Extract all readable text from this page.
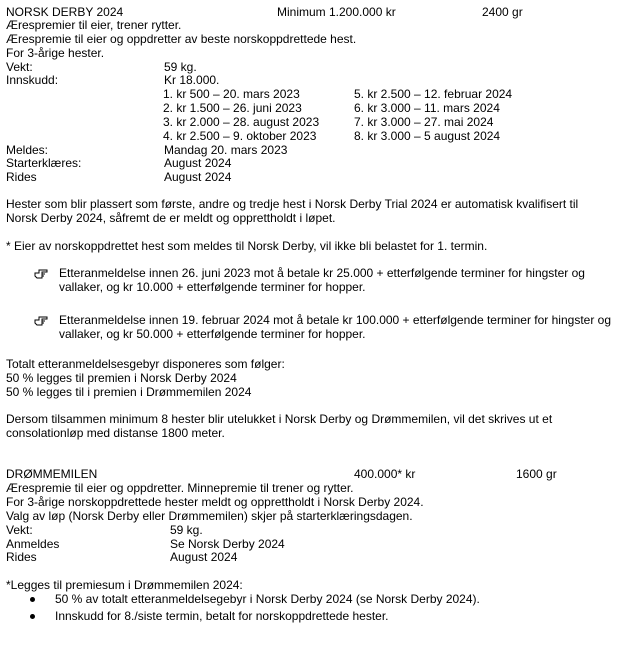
NORSK DERBY 2024	Minimum 1.200.000 kr	2400 gr
Ærespremier til eier, trener rytter.
Ærespremie til eier og oppdretter av beste norskoppdrettede hest.
For 3-årige hester.
Vekt:	59 kg.
Innskudd:	Kr 18.000.
1. kr 500 – 20. mars 2023
2. kr 1.500 – 26. juni 2023
3. kr 2.000 – 28. august 2023
4. kr 2.500 – 9. oktober 2023
5. kr 2.500 – 12. februar 2024
6. kr 3.000 – 11. mars 2024
7. kr 3.000 – 27. mai 2024
8. kr 3.000 – 5 august 2024
Meldes:	Mandag 20. mars 2023
Starterklæres:	August 2024
Rides	August 2024
Hester som blir plassert som første, andre og tredje hest i Norsk Derby Trial 2024 er automatisk kvalifisert til Norsk Derby 2024, såfremt de er meldt og opprettholdt i løpet.
* Eier av norskoppdrettet hest som meldes til Norsk Derby, vil ikke bli belastet for 1. termin.
Etteranmeldelse innen 26. juni 2023 mot å betale kr 25.000 + etterfølgende terminer for hingster og vallaker, og kr 10.000 + etterfølgende terminer for hopper.
Etteranmeldelse innen 19. februar 2024 mot å betale kr 100.000 + etterfølgende terminer for hingster og vallaker, og kr 50.000 + etterfølgende terminer for hopper.
Totalt etteranmeldelsesgebyr disponeres som følger:
50 % legges til premien i Norsk Derby 2024
50 % legges til i premien i Drømmemilen 2024
Dersom tilsammen minimum 8 hester blir utelukket i Norsk Derby og Drømmemilen, vil det skrives ut et consolationløp med distanse 1800 meter.
DRØMMEMILEN	400.000* kr	1600 gr
Ærespremie til eier og oppdretter. Minnepremie til trener og rytter.
For 3-årige norskoppdrettede hester meldt og opprettholdt i Norsk Derby 2024.
Valg av løp (Norsk Derby eller Drømmemilen) skjer på starterklæringsdagen.
Vekt:	59 kg.
Anmeldes	Se Norsk Derby 2024
Rides	August 2024
*Legges til premiesum i Drømmemilen 2024:
50 % av totalt etteranmeldelsegebyr i Norsk Derby 2024 (se Norsk Derby 2024).
Innskudd for 8./siste termin, betalt for norskoppdrettede hester.
